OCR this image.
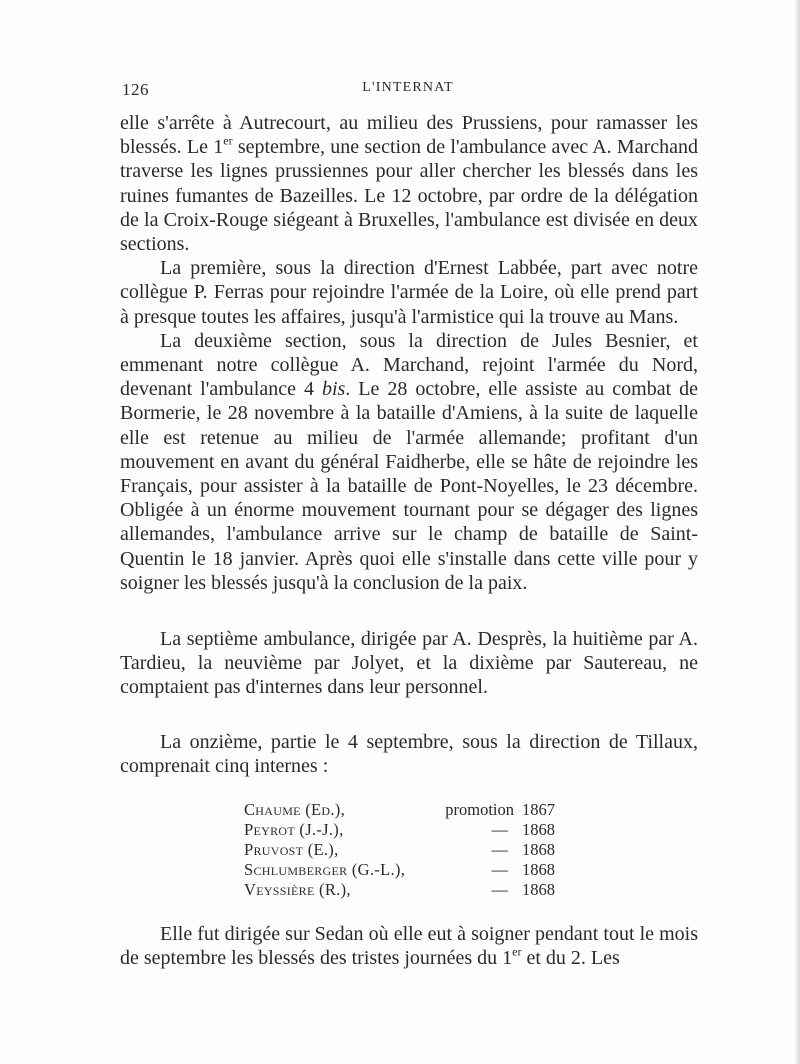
126	L'INTERNAT

elle s'arrête à Autrecourt, au milieu des Prussiens, pour ramasser les blessés. Le 1er septembre, une section de l'ambulance avec A. Marchand traverse les lignes prussiennes pour aller chercher les blessés dans les ruines fumantes de Bazeilles. Le 12 octobre, par ordre de la délégation de la Croix-Rouge siégeant à Bruxelles, l'ambulance est divisée en deux sections.

La première, sous la direction d'Ernest Labbée, part avec notre collègue P. Ferras pour rejoindre l'armée de la Loire, où elle prend part à presque toutes les affaires, jusqu'à l'armistice qui la trouve au Mans.

La deuxième section, sous la direction de Jules Besnier, et emmenant notre collègue A. Marchand, rejoint l'armée du Nord, devenant l'ambulance 4 bis. Le 28 octobre, elle assiste au combat de Bormerie, le 28 novembre à la bataille d'Amiens, à la suite de laquelle elle est retenue au milieu de l'armée allemande; profitant d'un mouvement en avant du général Faidherbe, elle se hâte de rejoindre les Français, pour assister à la bataille de Pont-Noyelles, le 23 décembre. Obligée à un énorme mouvement tournant pour se dégager des lignes allemandes, l'ambulance arrive sur le champ de bataille de Saint-Quentin le 18 janvier. Après quoi elle s'installe dans cette ville pour y soigner les blessés jusqu'à la conclusion de la paix.

La septième ambulance, dirigée par A. Desprès, la huitième par A. Tardieu, la neuvième par Jolyet, et la dixième par Sautereau, ne comptaient pas d'internes dans leur personnel.

La onzième, partie le 4 septembre, sous la direction de Tillaux, comprenait cinq internes :

Chaume (Ed.),	promotion 1867
Peyrot (J.-J.),	— 1868
Pruvost (E.),	— 1868
Schlumberger (G.-L.),	— 1868
Veyssière (R.),	— 1868

Elle fut dirigée sur Sedan où elle eut à soigner pendant tout le mois de septembre les blessés des tristes journées du 1er et du 2. Les
